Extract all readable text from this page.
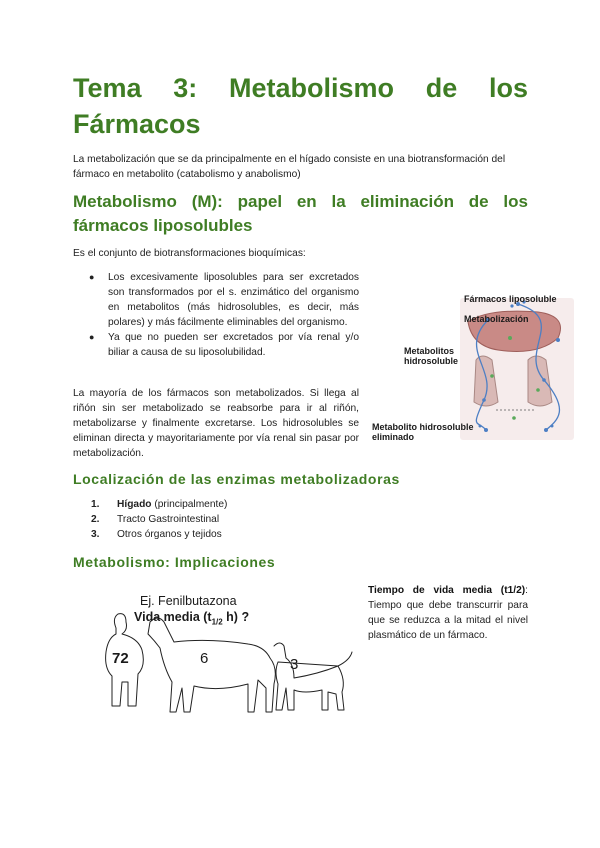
Tema 3: Metabolismo de los
Fármacos

La metabolización que se da principalmente en el hígado consiste en una biotransformación del fármaco en metabolito (catabolismo y anabolismo)

Metabolismo (M): papel en la eliminación de los fármacos liposolubles

Es el conjunto de biotransformaciones bioquímicas:

● Los excesivamente liposolubles para ser excretados son transformados por el s. enzimático del organismo en metabolitos (más hidrosolubles, es decir, más polares) y más fácilmente eliminables del organismo.
● Ya que no pueden ser excretados por vía renal y/o biliar a causa de su liposolubilidad.

La mayoría de los fármacos son metabolizados. Si llega al riñón sin ser metabolizado se reabsorbe para ir al riñón, metabolizarse y finalmente excretarse. Los hidrosolubles se eliminan directa y mayoritariamente por vía renal sin pasar por metabolización.

Fármacos liposoluble
Metabolización
Metabolitos hidrosoluble
Metabolito hidrosoluble eliminado
Localización de las enzimas metabolizadoras
1. Hígado (principalmente)
2. Tracto Gastrointestinal
3. Otros órganos y tejidos
Metabolismo: Implicaciones
Ej. Fenilbutazona
Vida media ($t_{1/2}$ h) ?
72	6	3

Tiempo de vida media (t1/2): Tiempo que debe transcurrir para que se reduzca a la mitad el nivel plasmático de un fármaco.
